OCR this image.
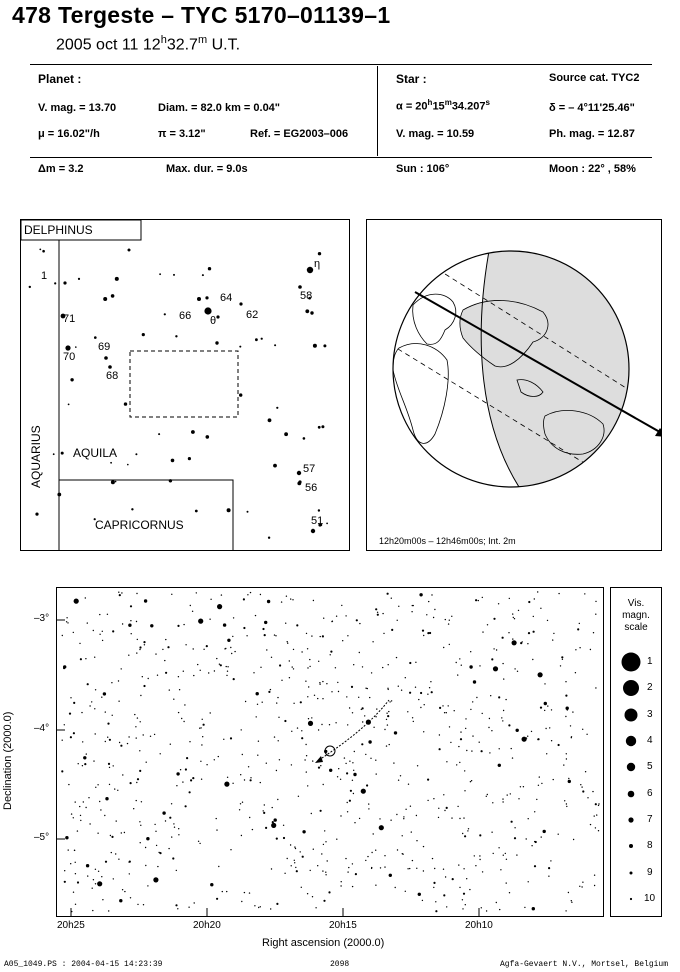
478 Tergeste – TYC 5170–01139–1
2005 oct 11 12$^h$32.7$^m$ U.T.
Planet :
V. mag. = 13.70	Diam. = 82.0 km = 0.04"
μ = 16.02"/h	π = 3.12"	Ref. = EG2003–006
Star :	Source cat. TYC2
$\alpha = 20^h15^m34.207^s$	δ = – 4°11'25.46"
V. mag. = 10.59	Ph. mag. = 12.87
Δm = 3.2	Max. dur. = 9.0s	Sun : 106°	Moon : 22° , 58%
DELPHINUS
AQUARIUS	AQUILA
CAPRICORNUS
η
58
64
66 θ	62
1
71
69
70
68
57
56
51
12h20m00s – 12h46m00s; Int. 2m
–3°
–4°
–5°
20h25	20h20	20h15	20h10
Right ascension (2000.0)
Declination (2000.0)
Vis.
magn.
scale
1
2
3
4
5
6
7
8
9
10
A05_1049.PS : 2004-04-15 14:23:39	2098	Agfa-Gevaert N.V., Mortsel, Belgium
